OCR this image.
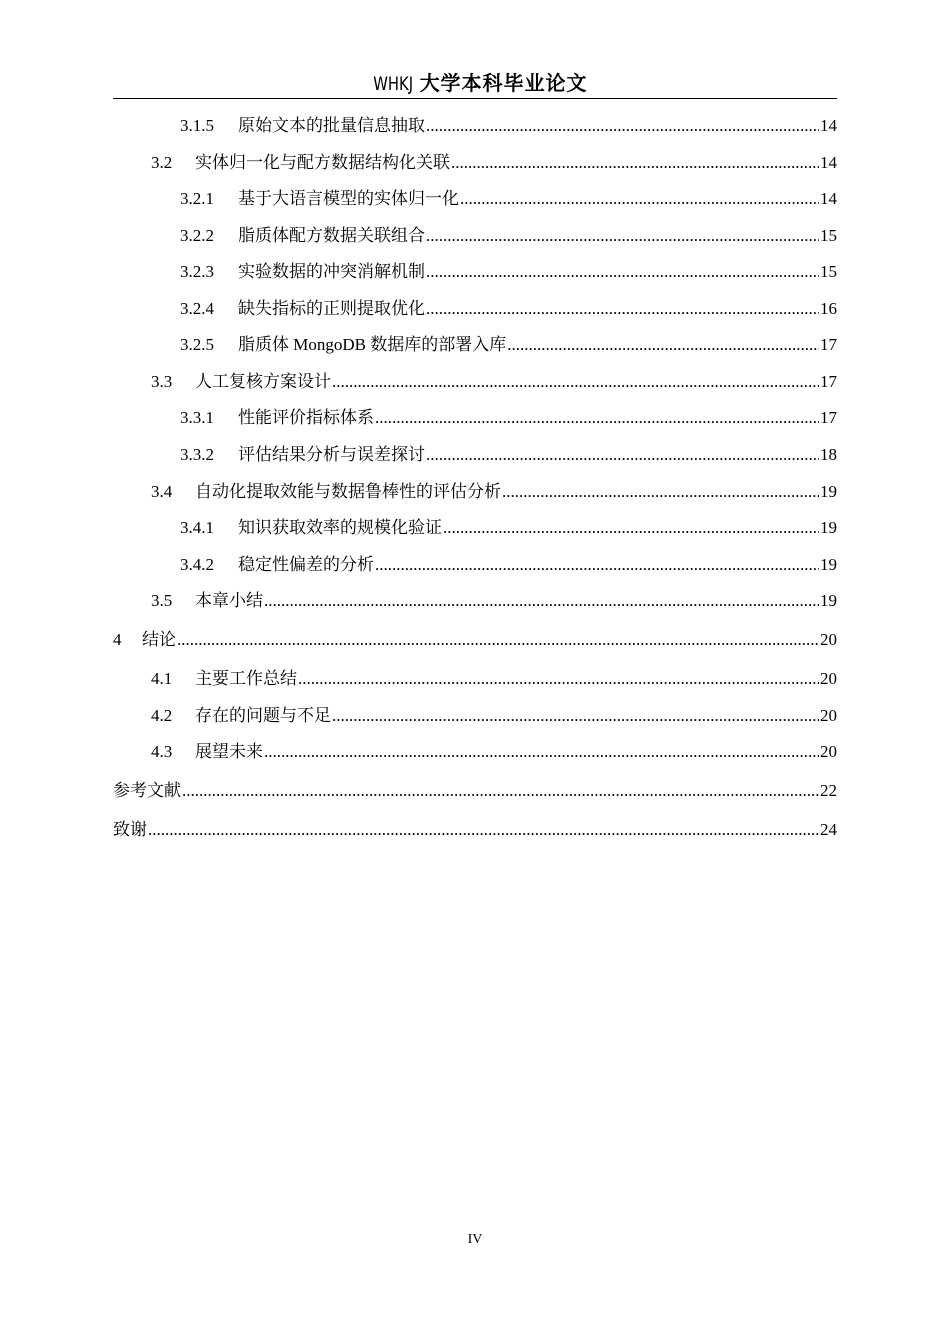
WHKJ 大学本科毕业论文
3.1.5	原始文本的批量信息抽取 .....	14
3.2	实体归一化与配方数据结构化关联 .....	14
3.2.1	基于大语言模型的实体归一化 .....	14
3.2.2	脂质体配方数据关联组合 .....	15
3.2.3	实验数据的冲突消解机制 .....	15
3.2.4	缺失指标的正则提取优化 .....	16
3.2.5	脂质体 MongoDB 数据库的部署入库 .....	17
3.3	人工复核方案设计 .....	17
3.3.1	性能评价指标体系 .....	17
3.3.2	评估结果分析与误差探讨 .....	18
3.4	自动化提取效能与数据鲁棒性的评估分析 .....	19
3.4.1	知识获取效率的规模化验证 .....	19
3.4.2	稳定性偏差的分析 .....	19
3.5	本章小结 .....	19
4	结论 .....	20
4.1	主要工作总结 .....	20
4.2	存在的问题与不足 .....	20
4.3	展望未来 .....	20
参考文献 .....	22
致谢 .....	24
IV
